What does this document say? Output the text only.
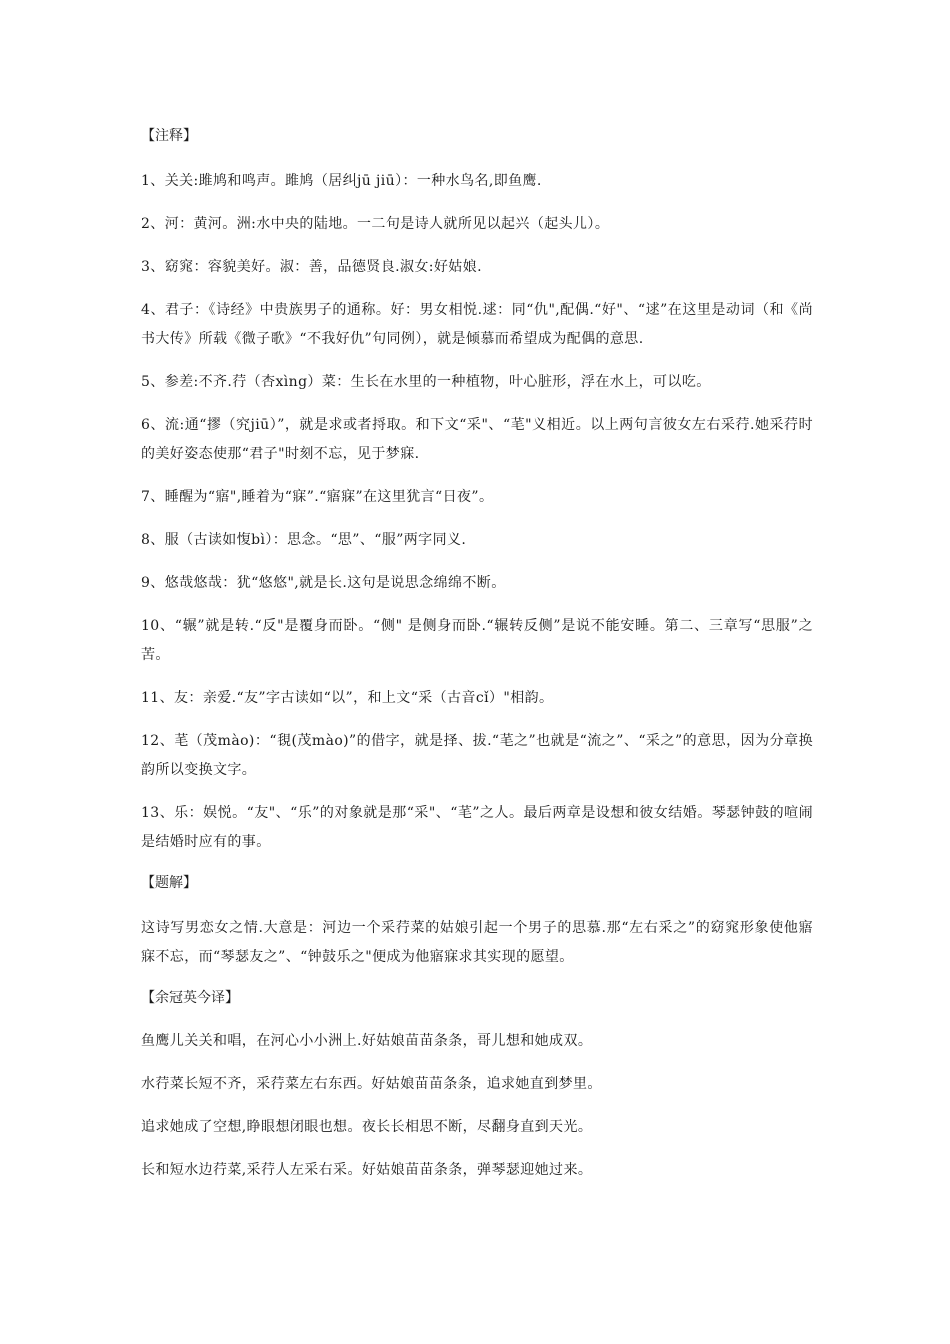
【注释】
1、关关:雎鸠和鸣声。雎鸠（居纠jū jiū）：一种水鸟名,即鱼鹰.
2、河：黄河。洲:水中央的陆地。一二句是诗人就所见以起兴（起头儿）。
3、窈窕：容貌美好。淑：善，品德贤良.淑女:好姑娘.
4、君子：《诗经》中贵族男子的通称。好：男女相悦.逑：同“仇",配偶.“好"、“逑”在这里是动词（和《尚书大传》所载《微子歌》“不我好仇”句同例），就是倾慕而希望成为配偶的意思.
5、参差:不齐.荇（杏xìng）菜：生长在水里的一种植物，叶心脏形，浮在水上，可以吃。
6、流:通“摎（究jiū）”，就是求或者捋取。和下文“采"、“芼"义相近。以上两句言彼女左右采荇.她采荇时的美好姿态使那“君子"时刻不忘，见于梦寐.
7、睡醒为“寤",睡着为“寐”.“寤寐”在这里犹言“日夜”。
8、服（古读如愎bì）：思念。“思”、“服”两字同义.
9、悠哉悠哉：犹“悠悠",就是长.这句是说思念绵绵不断。
10、“辗”就是转.“反"是覆身而卧。“侧" 是侧身而卧.“辗转反侧”是说不能安睡。第二、三章写“思服”之苦。
11、友：亲爱.“友”字古读如“以”，和上文“采（古音cǐ）"相韵。
12、芼（茂mào)：“覒(茂mào)”的借字，就是择、拔.“芼之”也就是“流之”、“采之”的意思，因为分章换韵所以变换文字。
13、乐：娱悦。“友"、“乐”的对象就是那“采"、“芼”之人。最后两章是设想和彼女结婚。琴瑟钟鼓的喧闹是结婚时应有的事。
【题解】
这诗写男恋女之情.大意是：河边一个采荇菜的姑娘引起一个男子的思慕.那“左右采之”的窈窕形象使他寤寐不忘，而“琴瑟友之”、“钟鼓乐之"便成为他寤寐求其实现的愿望。
【余冠英今译】
鱼鹰儿关关和唱，在河心小小洲上.好姑娘苗苗条条，哥儿想和她成双。
水荇菜长短不齐，采荇菜左右东西。好姑娘苗苗条条，追求她直到梦里。
追求她成了空想,睁眼想闭眼也想。夜长长相思不断，尽翻身直到天光。
长和短水边荇菜,采荇人左采右采。好姑娘苗苗条条，弹琴瑟迎她过来。
